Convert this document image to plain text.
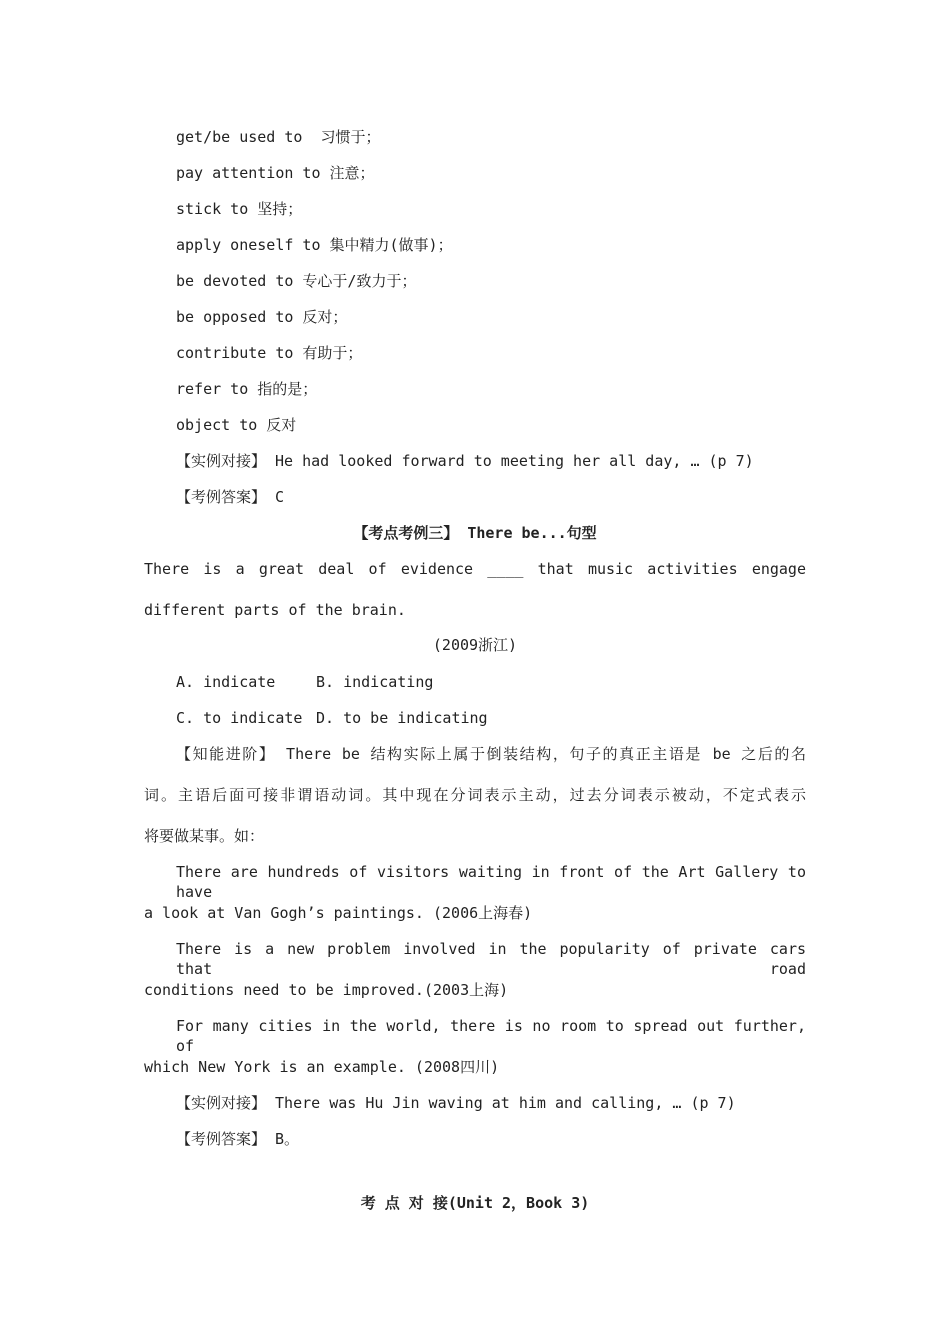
get/be used to  习惯于；
pay attention to 注意；
stick to 坚持；
apply oneself to 集中精力(做事)；
be devoted to 专心于/致力于；
be opposed to 反对；
contribute to 有助于；
refer to 指的是；
object to 反对
【实例对接】 He had looked forward to meeting her all day, … (p 7)
【考例答案】 C
【考点考例三】 There be...句型
There is a great deal of evidence ____ that music activities engage
different parts of the brain.
(2009浙江)
A. indicate	B. indicating
C. to indicate D. to be indicating
【知能进阶】 There be 结构实际上属于倒装结构，句子的真正主语是 be 之后的名
词。主语后面可接非谓语动词。其中现在分词表示主动，过去分词表示被动，不定式表示
将要做某事。如：
There are hundreds of visitors waiting in front of the Art Gallery to have
a look at Van Gogh’s paintings. (2006上海春)
There is a new problem involved in the popularity of private cars that road
conditions need to be improved.(2003上海)
For many cities in the world, there is no room to spread out further, of
which New York is an example. (2008四川)
【实例对接】 There was Hu Jin waving at him and calling, … (p 7)
【考例答案】 B。
考 点 对 接(Unit 2，Book 3)
